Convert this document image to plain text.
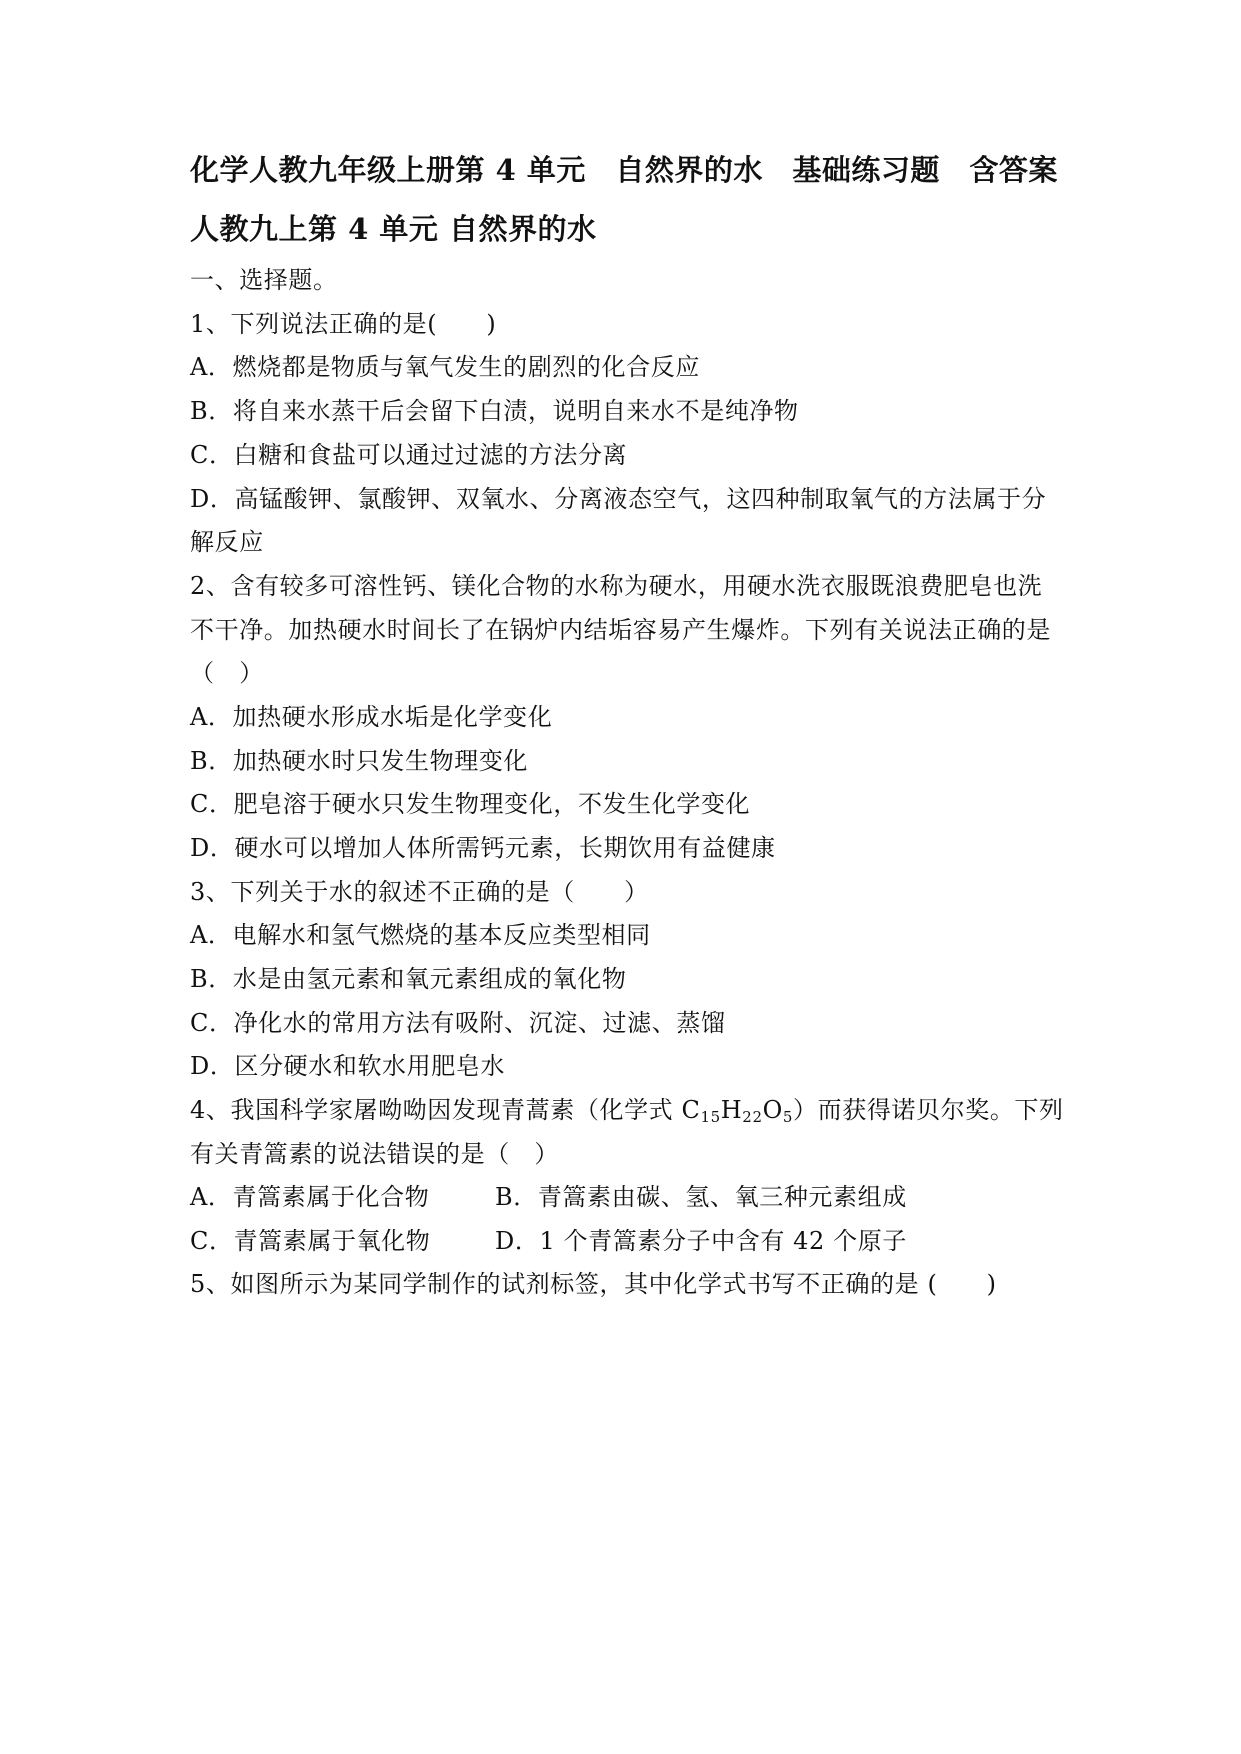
化学人教九年级上册第 4 单元　自然界的水　基础练习题　含答案
人教九上第 4 单元 自然界的水
一、选择题。
1、下列说法正确的是(　　)
A．燃烧都是物质与氧气发生的剧烈的化合反应
B．将自来水蒸干后会留下白渍，说明自来水不是纯净物
C．白糖和食盐可以通过过滤的方法分离
D．高锰酸钾、氯酸钾、双氧水、分离液态空气，这四种制取氧气的方法属于分
解反应
2、含有较多可溶性钙、镁化合物的水称为硬水，用硬水洗衣服既浪费肥皂也洗
不干净。加热硬水时间长了在锅炉内结垢容易产生爆炸。下列有关说法正确的是
（　）
A．加热硬水形成水垢是化学变化
B．加热硬水时只发生物理变化
C．肥皂溶于硬水只发生物理变化，不发生化学变化
D．硬水可以增加人体所需钙元素，长期饮用有益健康
3、下列关于水的叙述不正确的是（　　）
A．电解水和氢气燃烧的基本反应类型相同
B．水是由氢元素和氧元素组成的氧化物
C．净化水的常用方法有吸附、沉淀、过滤、蒸馏
D．区分硬水和软水用肥皂水
4、我国科学家屠呦呦因发现青蒿素（化学式 $C_{15}H_{22}O_5$）而获得诺贝尔奖。下列
有关青篙素的说法错误的是（　）
A．青篙素属于化合物	B．青篙素由碳、氢、氧三种元素组成
C．青篙素属于氧化物	D．1 个青篙素分子中含有 42 个原子
5、如图所示为某同学制作的试剂标签，其中化学式书写不正确的是 (　　)
